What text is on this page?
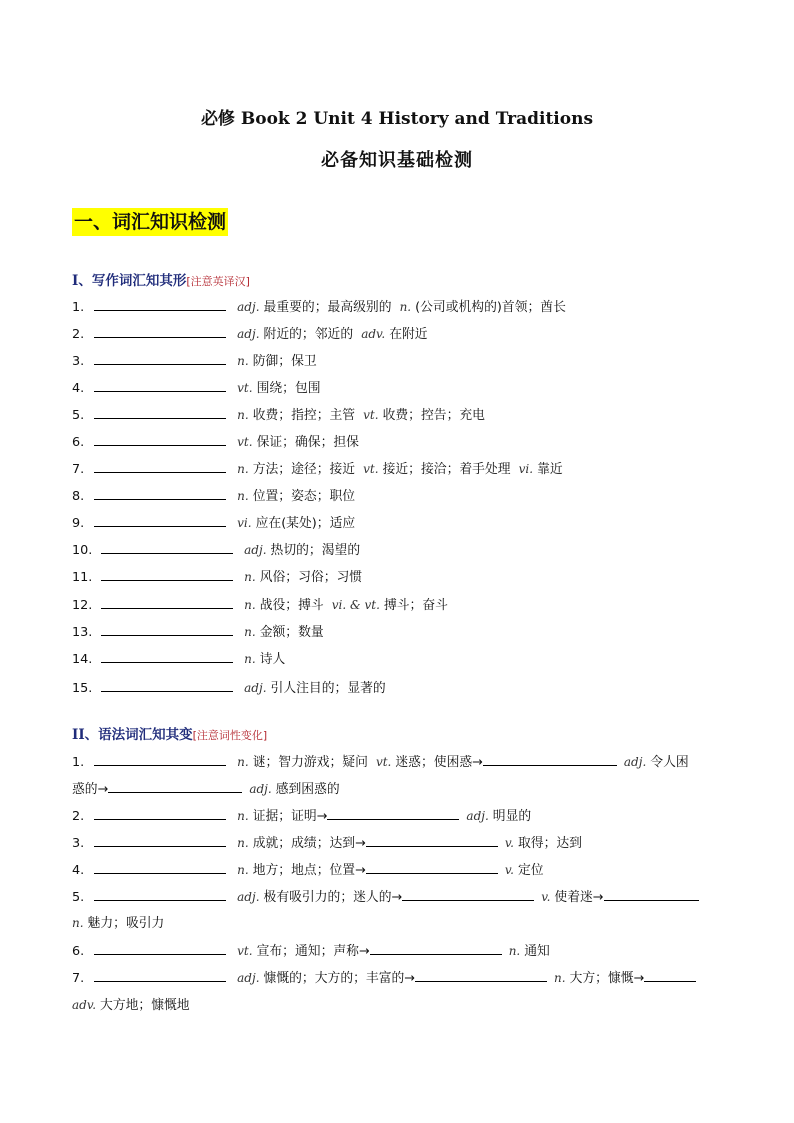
必修 Book 2 Unit 4 History and Traditions
必备知识基础检测
一、词汇知识检测
I、写作词汇知其形[注意英译汉]
1.	adj. 最重要的；最高级别的 n. (公司或机构的)首领；酋长
2.	adj. 附近的；邻近的 adv. 在附近
3.	n. 防御；保卫
4.	vt. 围绕；包围
5.	n. 收费；指控；主管 vt. 收费；控告；充电
6.	vt. 保证；确保；担保
7.	n. 方法；途径；接近 vt. 接近；接洽；着手处理 vi. 靠近
8.	n. 位置；姿态；职位
9.	vi. 应在(某处)；适应
10.	adj. 热切的；渴望的
11.	n. 风俗；习俗；习惯
12.	n. 战役；搏斗 vi. & vt. 搏斗；奋斗
13.	n. 金额；数量
14.	n. 诗人
15.	adj. 引人注目的；显著的
II、语法词汇知其变[注意词性变化]
1.	n. 谜；智力游戏；疑问 vt. 迷惑；使困惑→	adj. 令人困
惑的→	adj. 感到困惑的
2.	n. 证据；证明→	adj. 明显的
3.	n. 成就；成绩；达到→	v. 取得；达到
4.	n. 地方；地点；位置→	v. 定位
5.	adj. 极有吸引力的；迷人的→	v. 使着迷→
n. 魅力；吸引力
6.	vt. 宣布；通知；声称→	n. 通知
7.	adj. 慷慨的；大方的；丰富的→	n. 大方；慷慨→
adv. 大方地；慷慨地
